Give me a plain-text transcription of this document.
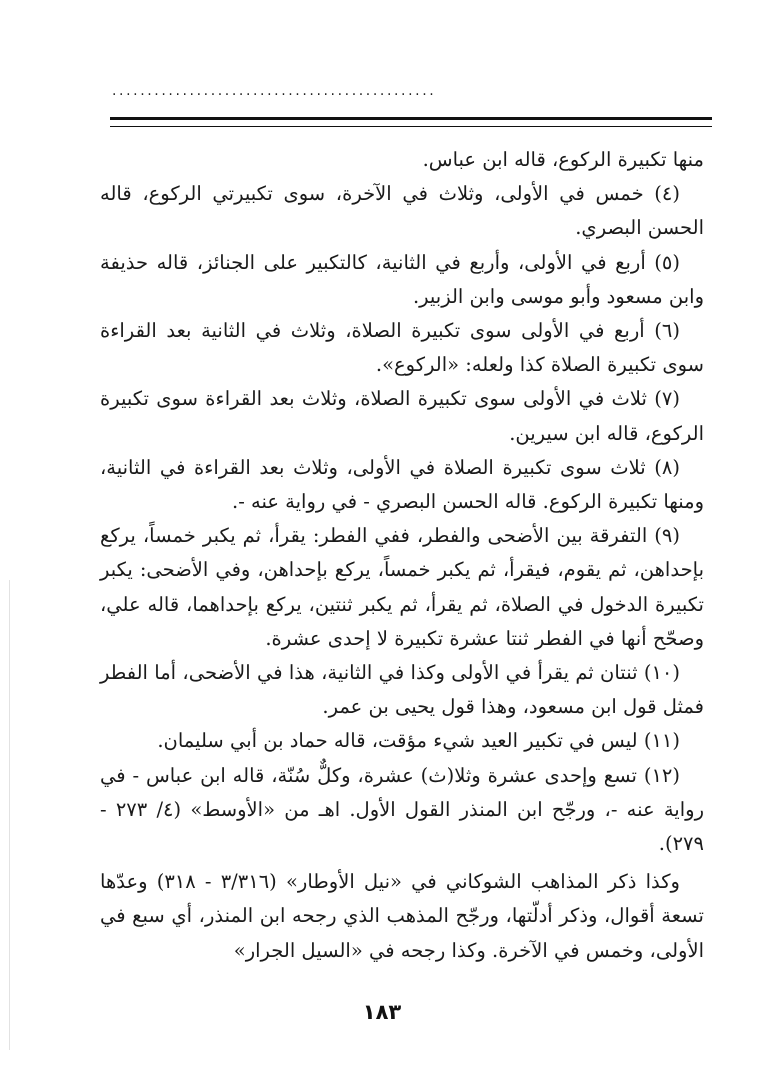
..............................................

منها تكبيرة الركوع، قاله ابن عباس.

(٤) خمس في الأولى، وثلاث في الآخرة، سوى تكبيرتي الركوع، قاله الحسن البصري.

(٥) أربع في الأولى، وأربع في الثانية، كالتكبير على الجنائز، قاله حذيفة وابن مسعود وأبو موسى وابن الزبير.

(٦) أربع في الأولى سوى تكبيرة الصلاة، وثلاث في الثانية بعد القراءة سوى تكبيرة الصلاة كذا ولعله: «الركوع».

(٧) ثلاث في الأولى سوى تكبيرة الصلاة، وثلاث بعد القراءة سوى تكبيرة الركوع، قاله ابن سيرين.

(٨) ثلاث سوى تكبيرة الصلاة في الأولى، وثلاث بعد القراءة في الثانية، ومنها تكبيرة الركوع. قاله الحسن البصري - في رواية عنه -.

(٩) التفرقة بين الأضحى والفطر، ففي الفطر: يقرأ، ثم يكبر خمساً، يركع بإحداهن، ثم يقوم، فيقرأ، ثم يكبر خمساً، يركع بإحداهن، وفي الأضحى: يكبر تكبيرة الدخول في الصلاة، ثم يقرأ، ثم يكبر ثنتين، يركع بإحداهما، قاله علي، وصحّح أنها في الفطر ثنتا عشرة تكبيرة لا إحدى عشرة.

(١٠) ثنتان ثم يقرأ في الأولى وكذا في الثانية، هذا في الأضحى، أما الفطر فمثل قول ابن مسعود، وهذا قول يحيى بن عمر.

(١١) ليس في تكبير العيد شيء مؤقت، قاله حماد بن أبي سليمان.

(١٢) تسع وإحدى عشرة وثلا(ث) عشرة، وكلٌّ سُنّة، قاله ابن عباس - في رواية عنه -، ورجّح ابن المنذر القول الأول. اهـ من «الأوسط» (٤/ ٢٧٣ - ٢٧٩).

وكذا ذكر المذاهب الشوكاني في «نيل الأوطار» (٣/٣١٦ - ٣١٨) وعدّها تسعة أقوال، وذكر أدلّتها، ورجّح المذهب الذي رجحه ابن المنذر، أي سبع في الأولى، وخمس في الآخرة. وكذا رجحه في «السيل الجرار»

١٨٣
